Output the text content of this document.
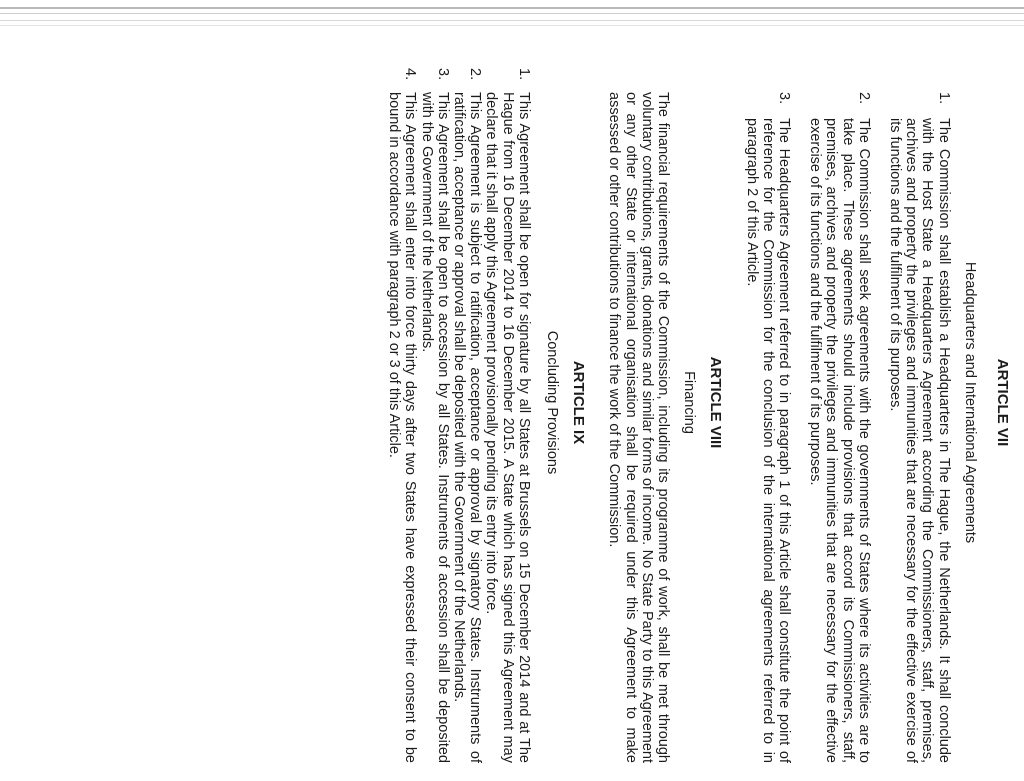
ARTICLE VII

Headquarters and International Agreements

1.
The Commission shall establish a Headquarters in The Hague, the Netherlands. It shall conclude with the Host State a Headquarters Agreement according the Commissioners, staff, premises, archives and property the privileges and immunities that are necessary for the effective exercise of its functions and the fulfilment of its purposes.

2.
The Commission shall seek agreements with the governments of States where its activities are to take place. These agreements should include provisions that accord its Commissioners, staff, premises, archives and property the privileges and immunities that are necessary for the effective exercise of its functions and the fulfilment of its purposes.

3.
The Headquarters Agreement referred to in paragraph 1 of this Article shall constitute the point of reference for the Commission for the conclusion of the international agreements referred to in paragraph 2 of this Article.

ARTICLE VIII

Financing

The financial requirements of the Commission, including its programme of work, shall be met through voluntary contributions, grants, donations and similar forms of income. No State Party to this Agreement or any other State or international organisation shall be required under this Agreement to make assessed or other contributions to finance the work of the Commission.

ARTICLE IX

Concluding Provisions

1.
This Agreement shall be open for signature by all States at Brussels on 15 December 2014 and at The Hague from 16 December 2014 to 16 December 2015. A State which has signed this Agreement may declare that it shall apply this Agreement provisionally pending its entry into force.

2.
This Agreement is subject to ratification, acceptance or approval by signatory States. Instruments of ratification, acceptance or approval shall be deposited with the Government of the Netherlands.

3.
This Agreement shall be open to accession by all States. Instruments of accession shall be deposited with the Government of the Netherlands.

4.
This Agreement shall enter into force thirty days after two States have expressed their consent to be bound in accordance with paragraph 2 or 3 of this Article.
